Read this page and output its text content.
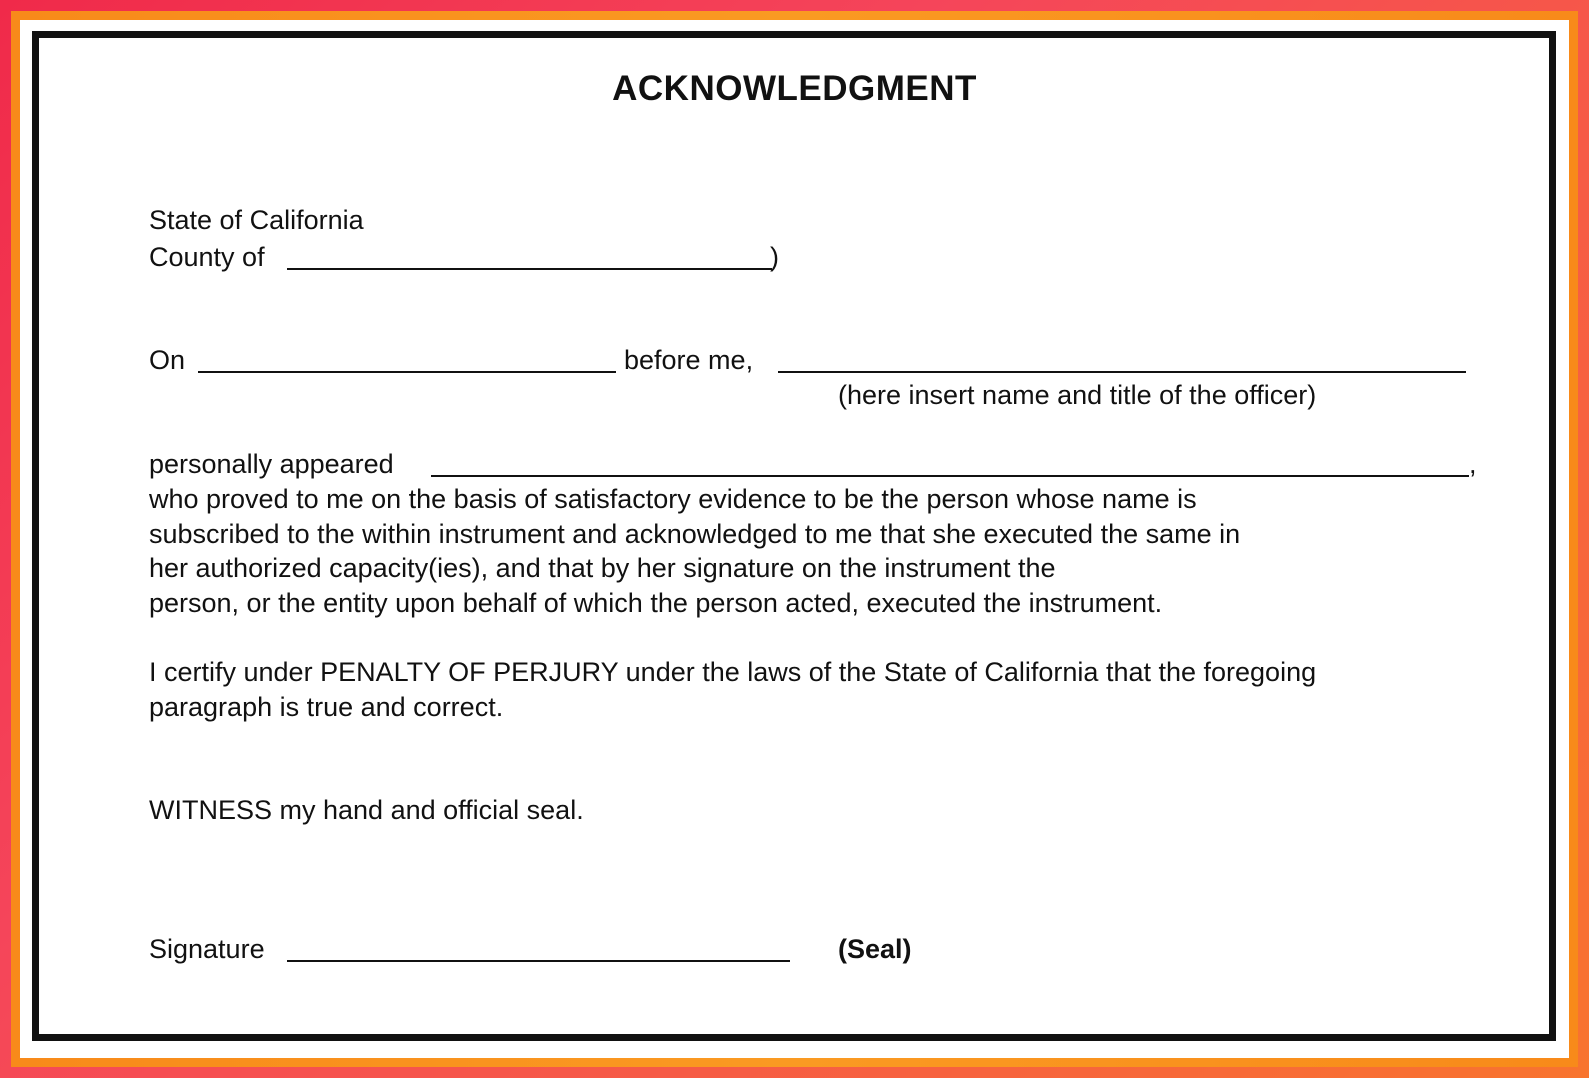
ACKNOWLEDGMENT
State of California
County of	)
On	before me,
(here insert name and title of the officer)
personally appeared	,
who proved to me on the basis of satisfactory evidence to be the person whose name is
subscribed to the within instrument and acknowledged to me that she executed the same in
her authorized capacity(ies), and that by her signature on the instrument the
person, or the entity upon behalf of which the person acted, executed the instrument.
I certify under PENALTY OF PERJURY under the laws of the State of California that the foregoing
paragraph is true and correct.
WITNESS my hand and official seal.
Signature	(Seal)
